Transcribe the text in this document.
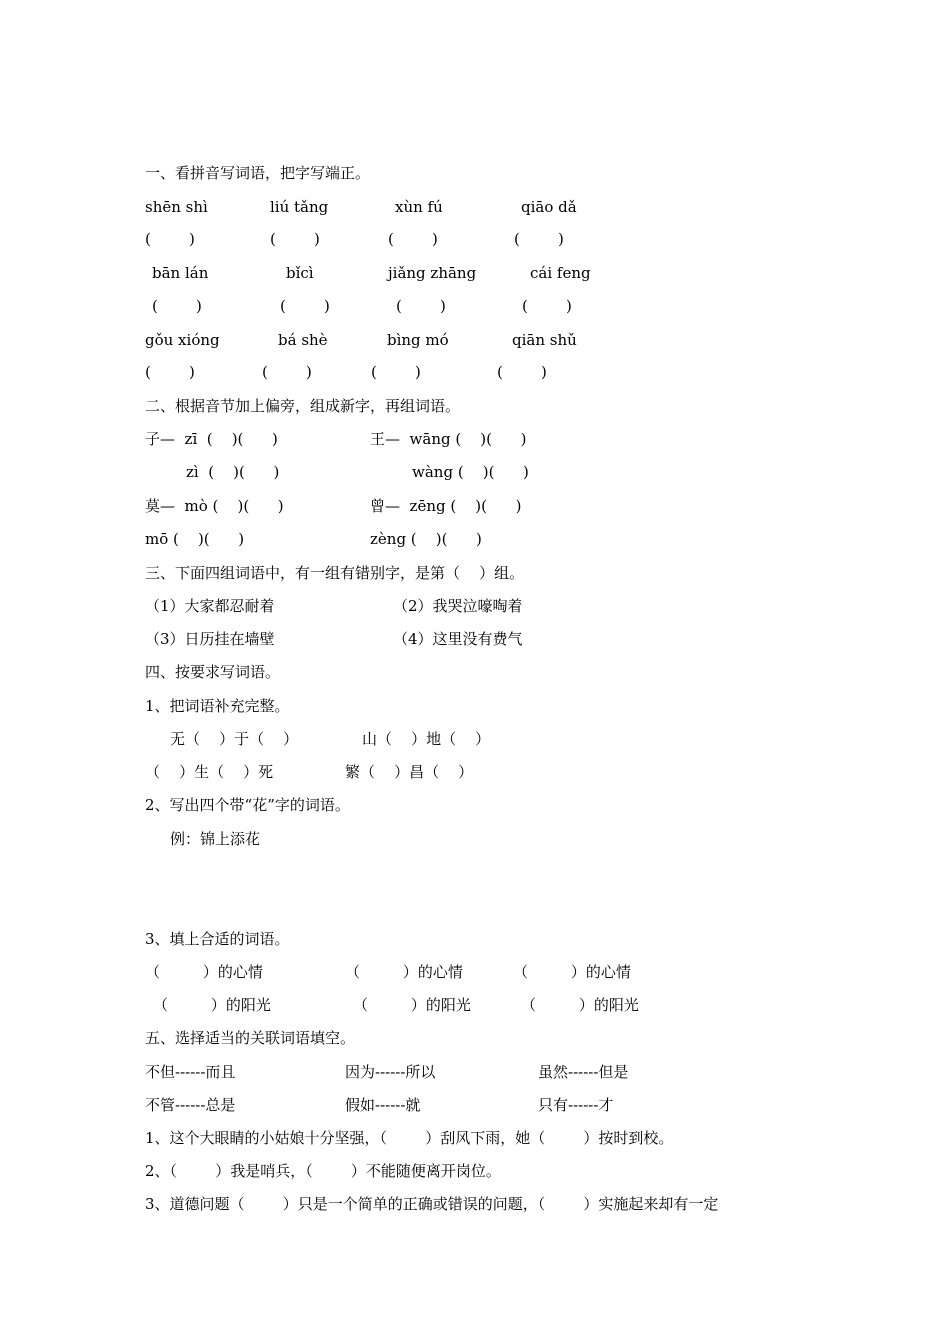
一、看拼音写词语，把字写端正。
shēn shì	liú tǎng	xùn fú	qiāo dǎ
(        )	(        )	(        )	(        )
bān lán	bǐcì	jiǎng zhāng	cái feng
(        )	(        )	(        )	(        )
gǒu xióng	bá shè	bìng mó	qiān shǔ
(        )	(        )	(        )	(        )
二、根据音节加上偏旁，组成新字，再组词语。
子—  zī  (    )(      )	王—  wāng (    )(      )
zì  (    )(      )	wàng (    )(      )
莫—  mò (    )(      )	曾—  zēng (    )(      )
mō (    )(      )	zèng (    )(      )
三、下面四组词语中，有一组有错别字，是第（    ）组。
（1）大家都忍耐着	（2）我哭泣嚎啕着
（3）日历挂在墙壁	（4）这里没有费气
四、按要求写词语。
1、把词语补充完整。
无（    ）于（    ）	山（    ）地（    ）
（    ）生（    ）死	繁（    ）昌（    ）
2、写出四个带“花”字的词语。
例：锦上添花
3、填上合适的词语。
（         ）的心情	（         ）的心情	（         ）的心情
（         ）的阳光	（         ）的阳光	（         ）的阳光
五、选择适当的关联词语填空。
不但------而且	因为------所以	虽然------但是
不管------总是	假如------就	只有------才
1、这个大眼睛的小姑娘十分坚强，（        ）刮风下雨，她（        ）按时到校。
2、（        ）我是哨兵，（        ）不能随便离开岗位。
3、道德问题（        ）只是一个简单的正确或错误的问题，（        ）实施起来却有一定
